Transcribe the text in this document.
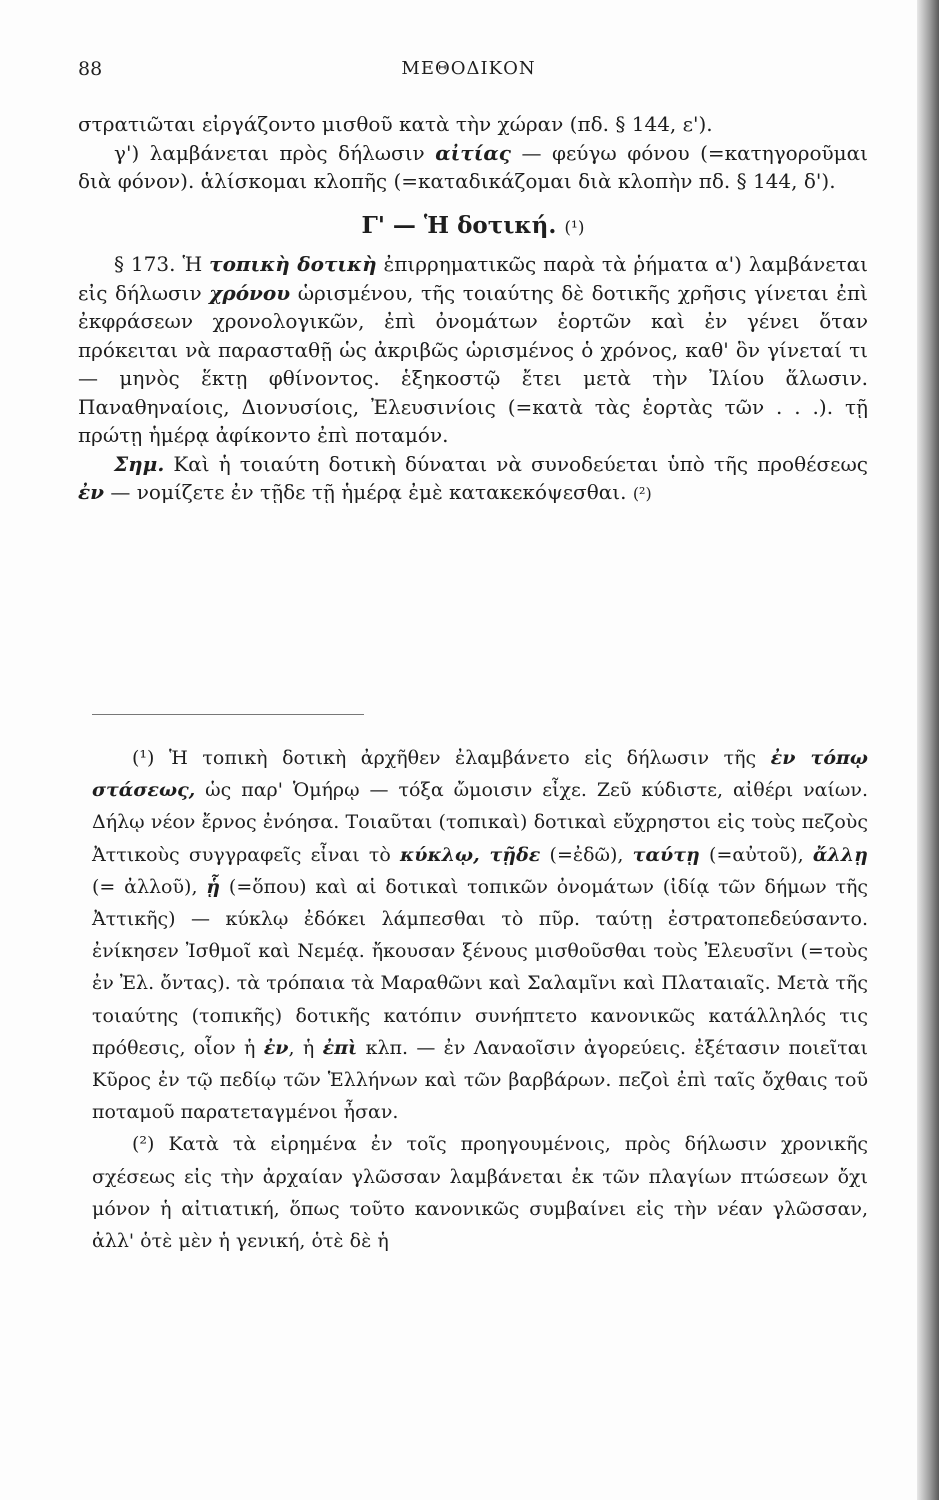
88	ΜΕΘΟΔΙΚΟΝ

στρατιῶται εἰργάζοντο μισθοῦ κατὰ τὴν χώραν (πδ. § 144, ε').

γ') λαμβάνεται πρὸς δήλωσιν αἰτίας — φεύγω φόνου (=κατηγοροῦμαι διὰ φόνον). ἁλίσκομαι κλοπῆς (=καταδικάζομαι διὰ κλοπὴν πδ. § 144, δ').

Γ' — Ἡ δοτική. (¹)

§ 173. Ἡ τοπικὴ δοτικὴ ἐπιρρηματικῶς παρὰ τὰ ῥήματα α') λαμβάνεται εἰς δήλωσιν χρόνου ὡρισμένου, τῆς τοιαύτης δὲ δοτικῆς χρῆσις γίνεται ἐπὶ ἐκφράσεων χρονολογικῶν, ἐπὶ ὀνομάτων ἑορτῶν καὶ ἐν γένει ὅταν πρόκειται νὰ παρασταθῇ ὡς ἀκριβῶς ὡρισμένος ὁ χρόνος, καθ' ὃν γίνεταί τι — μηνὸς ἕκτῃ φθίνοντος. ἑξηκοστῷ ἔτει μετὰ τὴν Ἰλίου ἅλωσιν. Παναθηναίοις, Διονυσίοις, Ἐλευσινίοις (=κατὰ τὰς ἑορτὰς τῶν . . .). τῇ πρώτῃ ἡμέρᾳ ἀφίκοντο ἐπὶ ποταμόν.

Σημ. Καὶ ἡ τοιαύτη δοτικὴ δύναται νὰ συνοδεύεται ὑπὸ τῆς προθέσεως ἐν — νομίζετε ἐν τῇδε τῇ ἡμέρᾳ ἐμὲ κατακεκόψεσθαι. (²)

(¹) Ἡ τοπικὴ δοτικὴ ἀρχῆθεν ἐλαμβάνετο εἰς δήλωσιν τῆς ἐν τόπῳ στάσεως, ὡς παρ' Ὁμήρῳ — τόξα ὤμοισιν εἶχε. Ζεῦ κύδιστε, αἰθέρι ναίων. Δήλῳ νέον ἔρνος ἐνόησα. Τοιαῦται (τοπικαὶ) δοτικαὶ εὔχρηστοι εἰς τοὺς πεζοὺς Ἀττικοὺς συγγραφεῖς εἶναι τὸ κύκλῳ, τῇδε (=ἐδῶ), ταύτῃ (=αὐτοῦ), ἄλλῃ (= ἀλλοῦ), ᾗ (=ὅπου) καὶ αἱ δοτικαὶ τοπικῶν ὀνομάτων (ἰδίᾳ τῶν δήμων τῆς Ἀττικῆς) — κύκλῳ ἐδόκει λάμπεσθαι τὸ πῦρ. ταύτῃ ἐστρατοπεδεύσαντο. ἐνίκησεν Ἰσθμοῖ καὶ Νεμέᾳ. ἤκουσαν ξένους μισθοῦσθαι τοὺς Ἐλευσῖνι (=τοὺς ἐν Ἐλ. ὄντας). τὰ τρόπαια τὰ Μαραθῶνι καὶ Σαλαμῖνι καὶ Πλαταιαῖς. Μετὰ τῆς τοιαύτης (τοπικῆς) δοτικῆς κατόπιν συνήπτετο κανονικῶς κατάλληλός τις πρόθεσις, οἷον ἡ ἐν, ἡ ἐπὶ κλπ. — ἐν Λαναοῖσιν ἀγορεύεις. ἐξέτασιν ποιεῖται Κῦρος ἐν τῷ πεδίῳ τῶν Ἑλλήνων καὶ τῶν βαρβάρων. πεζοὶ ἐπὶ ταῖς ὄχθαις τοῦ ποταμοῦ παρατεταγμένοι ἦσαν.

(²) Κατὰ τὰ εἰρημένα ἐν τοῖς προηγουμένοις, πρὸς δήλωσιν χρονικῆς σχέσεως εἰς τὴν ἀρχαίαν γλῶσσαν λαμβάνεται ἐκ τῶν πλαγίων πτώσεων ὄχι μόνον ἡ αἰτιατική, ὅπως τοῦτο κανονικῶς συμβαίνει εἰς τὴν νέαν γλῶσσαν, ἀλλ' ὁτὲ μὲν ἡ γενική, ὁτὲ δὲ ἡ
